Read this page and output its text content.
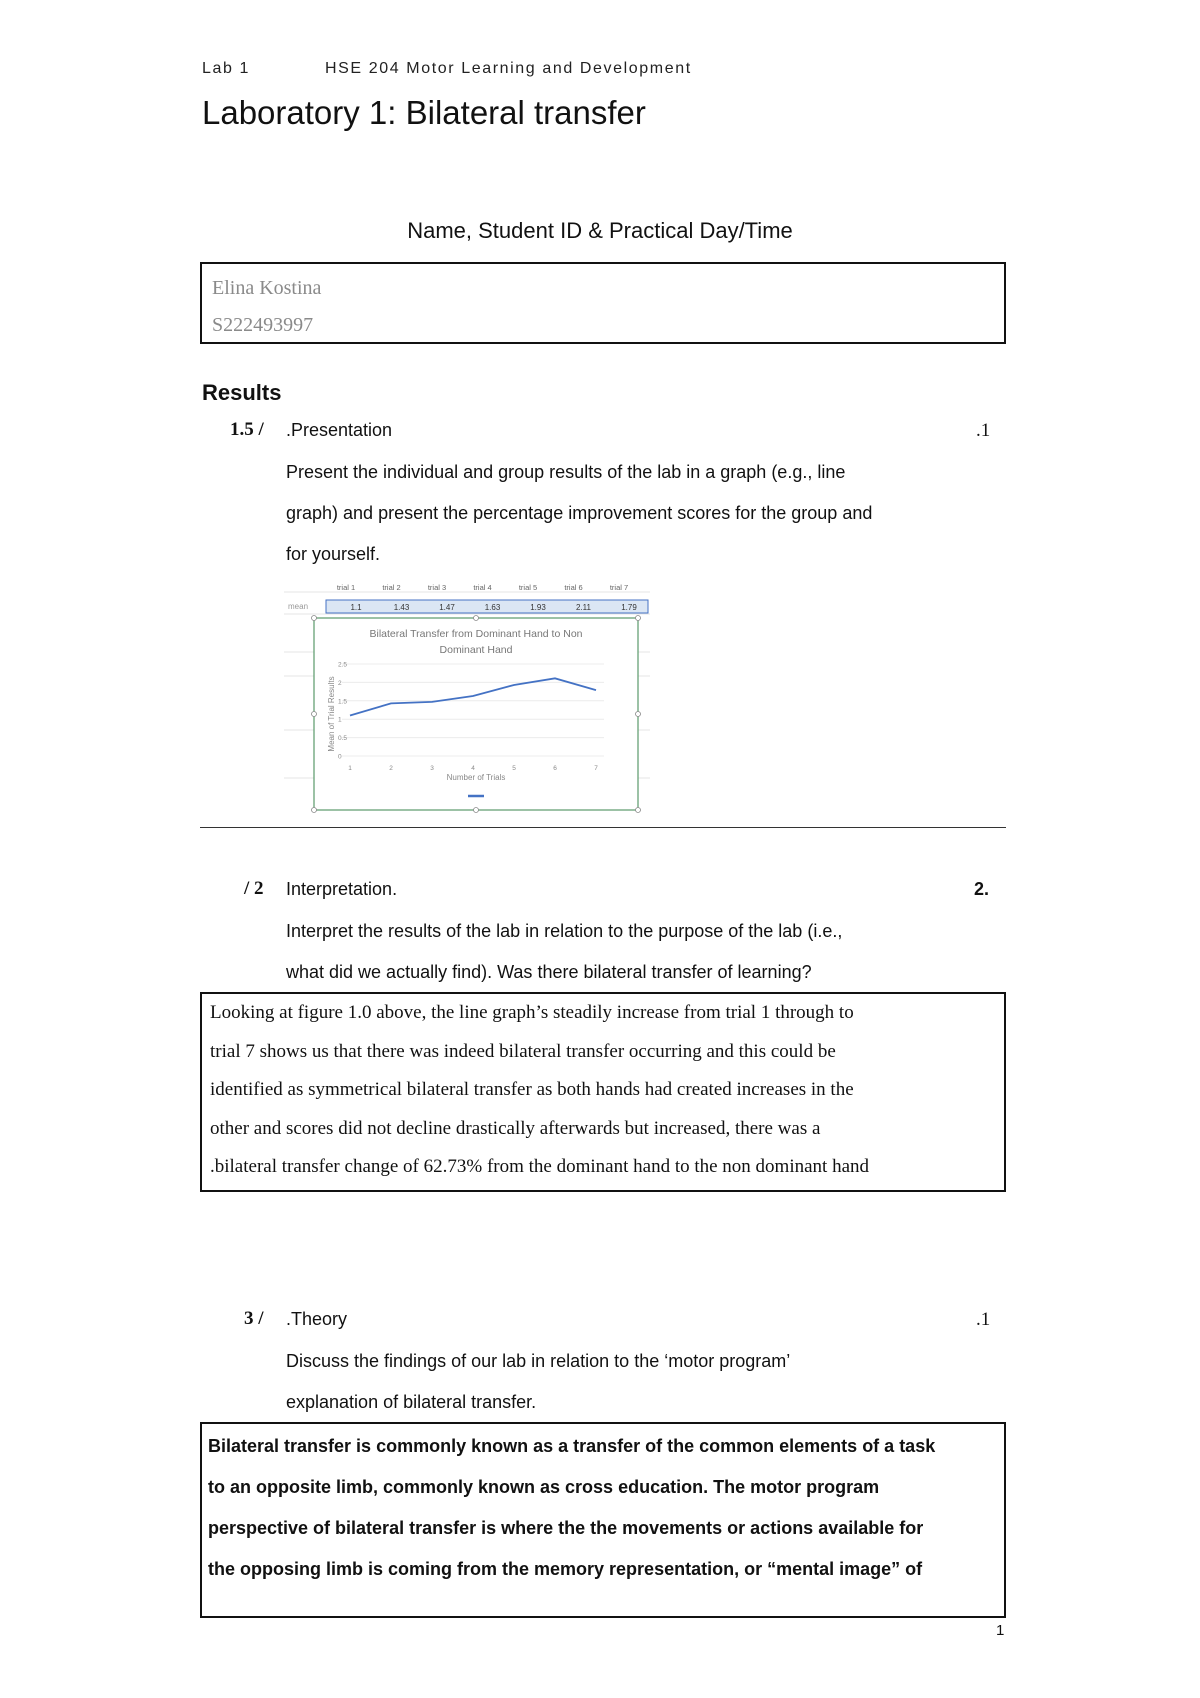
Lab 1	HSE 204 Motor Learning and Development
Laboratory 1: Bilateral transfer
Name, Student ID & Practical Day/Time
Elina Kostina
S222493997
Results
1.5 / .Presentation	.1
Present the individual and group results of the lab in a graph (e.g., line
graph) and present the percentage improvement scores for the group and
for yourself.
trial 1	trial 2	trial 3	trial 4	trial 5	trial 6	trial 7
mean	1.1	1.43	1.47	1.63	1.93	2.11	1.79
Bilateral Transfer from Dominant Hand to Non
Dominant Hand
Mean of Trial Results
Number of Trials
0
0.5
1
1.5
2
2.5
1	2	3	4	5	6	7
/ 2 Interpretation.	2.
Interpret the results of the lab in relation to the purpose of the lab (i.e.,
what did we actually find). Was there bilateral transfer of learning?
Looking at figure 1.0 above, the line graph’s steadily increase from trial 1 through to
trial 7 shows us that there was indeed bilateral transfer occurring and this could be
identified as symmetrical bilateral transfer as both hands had created increases in the
other and scores did not decline drastically afterwards but increased, there was a
.bilateral transfer change of 62.73% from the dominant hand to the non dominant hand
3 / .Theory	.1
Discuss the findings of our lab in relation to the ‘motor program’
explanation of bilateral transfer.
Bilateral transfer is commonly known as a transfer of the common elements of a task
to an opposite limb, commonly known as cross education. The motor program
perspective of bilateral transfer is where the the movements or actions available for
the opposing limb is coming from the memory representation, or “mental image” of
1
